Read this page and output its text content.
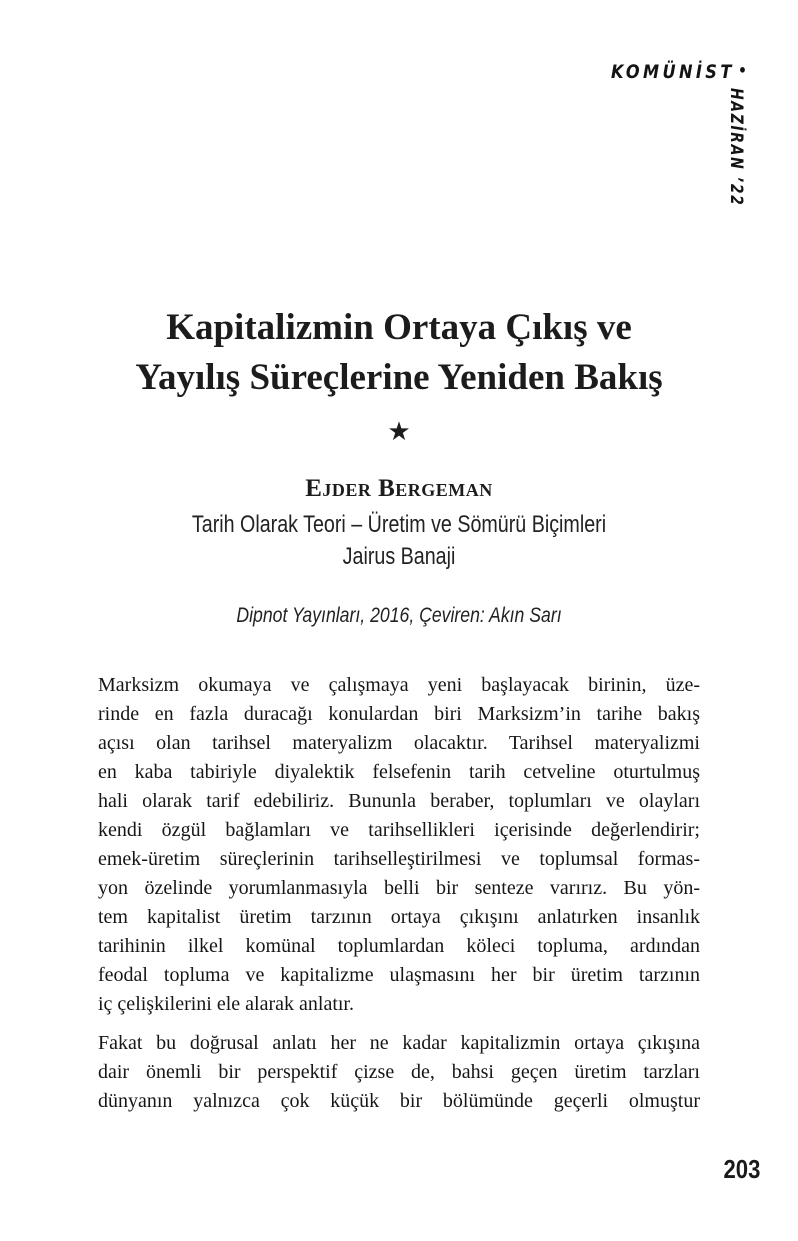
KOMÜNİST •
HAZİRAN ’22
Kapitalizmin Ortaya Çıkış ve
Yayılış Süreçlerine Yeniden Bakış
★
Ejder Bergeman
Tarih Olarak Teori – Üretim ve Sömürü Biçimleri
Jairus Banaji
Dipnot Yayınları, 2016, Çeviren: Akın Sarı
Marksizm okumaya ve çalışmaya yeni başlayacak birinin, üze-
rinde en fazla duracağı konulardan biri Marksizm’in tarihe bakış
açısı olan tarihsel materyalizm olacaktır. Tarihsel materyalizmi
en kaba tabiriyle diyalektik felsefenin tarih cetveline oturtulmuş
hali olarak tarif edebiliriz. Bununla beraber, toplumları ve olayları
kendi özgül bağlamları ve tarihsellikleri içerisinde değerlendirir;
emek-üretim süreçlerinin tarihselleştirilmesi ve toplumsal formas-
yon özelinde yorumlanmasıyla belli bir senteze varırız. Bu yön-
tem kapitalist üretim tarzının ortaya çıkışını anlatırken insanlık
tarihinin ilkel komünal toplumlardan köleci topluma, ardından
feodal topluma ve kapitalizme ulaşmasını her bir üretim tarzının
iç çelişkilerini ele alarak anlatır.
Fakat bu doğrusal anlatı her ne kadar kapitalizmin ortaya çıkışına
dair önemli bir perspektif çizse de, bahsi geçen üretim tarzları
dünyanın yalnızca çok küçük bir bölümünde geçerli olmuştur
203
